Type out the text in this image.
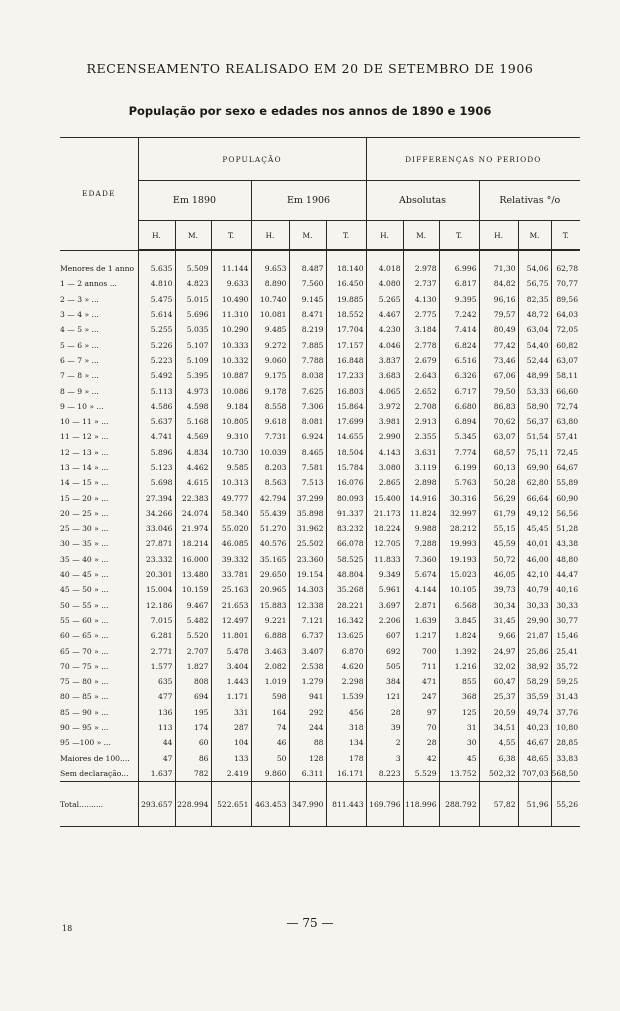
RECENSEAMENTO REALISADO EM 20 DE SETEMBRO DE 1906
População por sexo e edades nos annos de 1890 e 1906
EDADE	POPULAÇÃO						DIFFERENÇAS NO PERIODO					
	Em 1890			Em 1906			Absolutas			Relativas °/o		
	H.	M.	T.	H.	M.	T.	H.	M.	T.	H.	M.	T.

Menores de 1 anno	5.635	5.509	11.144	9.653	8.487	18.140	4.018	2.978	6.996	71,30	54,06	62,78
1 — 2 annos ...	4.810	4.823	9.633	8.890	7.560	16.450	4.080	2.737	6.817	84,82	56,75	70,77
2 — 3 » ...	5.475	5.015	10.490	10.740	9.145	19.885	5.265	4.130	9.395	96,16	82,35	89,56
3 — 4 » ...	5.614	5.696	11.310	10.081	8.471	18.552	4.467	2.775	7.242	79,57	48,72	64,03
4 — 5 » ...	5.255	5.035	10.290	9.485	8.219	17.704	4.230	3.184	7.414	80,49	63,04	72,05
5 — 6 » ...	5.226	5.107	10.333	9.272	7.885	17.157	4.046	2.778	6.824	77,42	54,40	60,82
6 — 7 » ...	5.223	5.109	10.332	9.060	7.788	16.848	3.837	2.679	6.516	73,46	52,44	63,07
7 — 8 » ...	5.492	5.395	10.887	9.175	8.038	17.233	3.683	2.643	6.326	67,06	48,99	58,11
8 — 9 » ...	5.113	4.973	10.086	9.178	7.625	16.803	4.065	2.652	6.717	79,50	53,33	66,60
9 — 10 » ...	4.586	4.598	9.184	8.558	7.306	15.864	3.972	2.708	6.680	86,83	58,90	72,74
10 — 11 » ...	5.637	5.168	10.805	9.618	8.081	17.699	3.981	2.913	6.894	70,62	56,37	63,80
11 — 12 » ...	4.741	4.569	9.310	7.731	6.924	14.655	2.990	2.355	5.345	63,07	51,54	57,41
12 — 13 » ...	5.896	4.834	10.730	10.039	8.465	18.504	4.143	3.631	7.774	68,57	75,11	72,45
13 — 14 » ...	5.123	4.462	9.585	8.203	7.581	15.784	3.080	3.119	6.199	60,13	69,90	64,67
14 — 15 » ...	5.698	4.615	10.313	8.563	7.513	16.076	2.865	2.898	5.763	50,28	62,80	55,89
15 — 20 » ...	27.394	22.383	49.777	42.794	37.299	80.093	15.400	14.916	30.316	56,29	66,64	60,90
20 — 25 » ...	34.266	24.074	58.340	55.439	35.898	91.337	21.173	11.824	32.997	61,79	49,12	56,56
25 — 30 » ...	33.046	21.974	55.020	51.270	31.962	83.232	18.224	9.988	28.212	55,15	45,45	51,28
30 — 35 » ...	27.871	18.214	46.085	40.576	25.502	66.078	12.705	7.288	19.993	45,59	40,01	43,38
35 — 40 » ...	23.332	16.000	39.332	35.165	23.360	58.525	11.833	7.360	19.193	50,72	46,00	48,80
40 — 45 » ...	20.301	13.480	33.781	29.650	19.154	48.804	9.349	5.674	15.023	46,05	42,10	44,47
45 — 50 » ...	15.004	10.159	25.163	20.965	14.303	35.268	5.961	4.144	10.105	39,73	40,79	40,16
50 — 55 » ...	12.186	9.467	21.653	15.883	12.338	28.221	3.697	2.871	6.568	30,34	30,33	30,33
55 — 60 » ...	7.015	5.482	12.497	9.221	7.121	16.342	2.206	1.639	3.845	31,45	29,90	30,77
60 — 65 » ...	6.281	5.520	11.801	6.888	6.737	13.625	607	1.217	1.824	9,66	21,87	15,46
65 — 70 » ...	2.771	2.707	5.478	3.463	3.407	6.870	692	700	1.392	24,97	25,86	25,41
70 — 75 » ...	1.577	1.827	3.404	2.082	2.538	4.620	505	711	1.216	32,02	38,92	35,72
75 — 80 » ...	635	808	1.443	1.019	1.279	2.298	384	471	855	60,47	58,29	59,25
80 — 85 » ...	477	694	1.171	598	941	1.539	121	247	368	25,37	35,59	31,43
85 — 90 » ...	136	195	331	164	292	456	28	97	125	20,59	49,74	37,76
90 — 95 » ...	113	174	287	74	244	318	39	70	31	34,51	40,23	10,80
95 —100 » ...	44	60	104	46	88	134	2	28	30	4,55	46,67	28,85
Maiores de 100....	47	86	133	50	128	178	3	42	45	6,38	48,65	33,83
Sem declaração...	1.637	782	2.419	9.860	6.311	16.171	8.223	5.529	13.752	502,32	707,03	568,50
Total..........	293.657	228.994	522.651	463.453	347.990	811.443	169.796	118.996	288.792	57,82	51,96	55,26
— 75 —
18
